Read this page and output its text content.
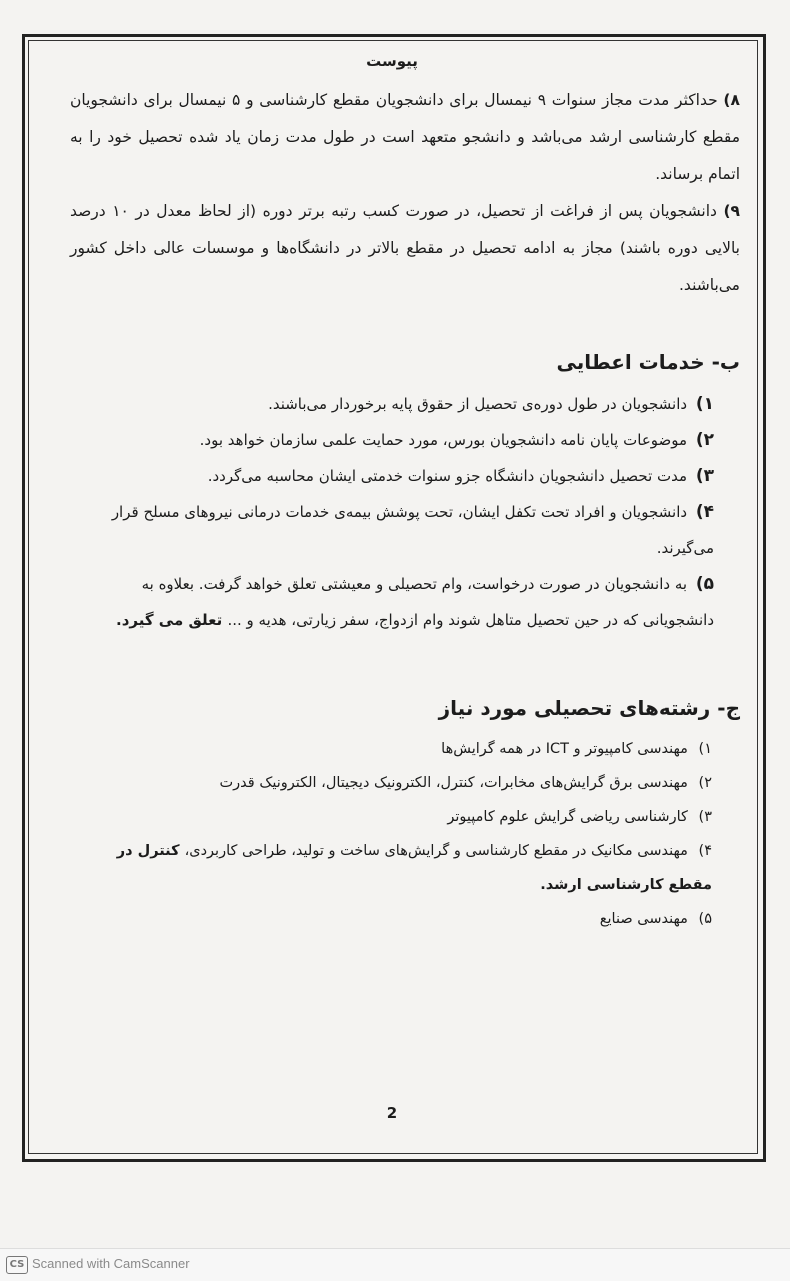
پیوست
۸) حداکثر مدت مجاز سنوات ۹ نیمسال برای دانشجویان مقطع کارشناسی و ۵ نیمسال برای دانشجویان مقطع کارشناسی ارشد می‌باشد و دانشجو متعهد است در طول مدت زمان یاد شده تحصیل خود را به اتمام برساند.
۹) دانشجویان پس از فراغت از تحصیل، در صورت کسب رتبه برتر دوره (از لحاظ معدل در ۱۰ درصد بالایی دوره باشند) مجاز به ادامه تحصیل در مقطع بالاتر در دانشگاه‌ها و موسسات عالی داخل کشور می‌باشند.
ب- خدمات اعطایی
۱) دانشجویان در طول دوره‌ی تحصیل از حقوق پایه برخوردار می‌باشند.
۲) موضوعات پایان نامه دانشجویان بورس، مورد حمایت علمی سازمان خواهد بود.
۳) مدت تحصیل دانشجویان دانشگاه جزو سنوات خدمتی ایشان محاسبه می‌گردد.
۴) دانشجویان و افراد تحت تکفل ایشان، تحت پوشش بیمه‌ی خدمات درمانی نیروهای مسلح قرار می‌گیرند.
۵) به دانشجویان در صورت درخواست، وام تحصیلی و معیشتی تعلق خواهد گرفت. بعلاوه به دانشجویانی که در حین تحصیل متاهل شوند وام ازدواج، سفر زیارتی، هدیه و ... تعلق می گیرد.
ج- رشته‌های تحصیلی مورد نیاز
۱) مهندسی کامپیوتر و ICT در همه گرایش‌ها
۲) مهندسی برق گرایش‌های مخابرات، کنترل، الکترونیک دیجیتال، الکترونیک قدرت
۳) کارشناسی ریاضی گرایش علوم کامپیوتر
۴) مهندسی مکانیک در مقطع کارشناسی و گرایش‌های ساخت و تولید، طراحی کاربردی، کنترل در مقطع کارشناسی ارشد.
۵) مهندسی صنایع
2
CS Scanned with CamScanner
